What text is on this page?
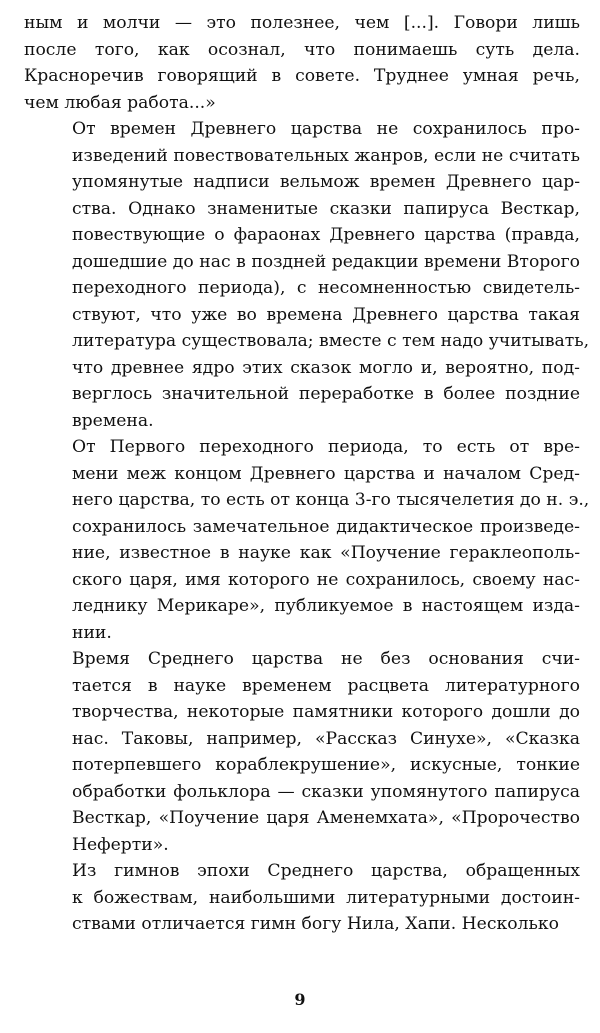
ным и молчи — это полезнее, чем [...]. Говори лишь
после того, как осознал, что понимаешь суть дела.
Красноречив говорящий в совете. Труднее умная речь,
чем любая работа...»

От времен Древнего царства не сохранилось про-
изведений повествовательных жанров, если не считать
упомянутые надписи вельмож времен Древнего цар-
ства. Однако знаменитые сказки папируса Весткар,
повествующие о фараонах Древнего царства (правда,
дошедшие до нас в поздней редакции времени Второго
переходного периода), с несомненностью свидетель-
ствуют, что уже во времена Древнего царства такая
литература существовала; вместе с тем надо учитывать,
что древнее ядро этих сказок могло и, вероятно, под-
верглось значительной переработке в более поздние
времена.

От Первого переходного периода, то есть от вре-
мени меж концом Древнего царства и началом Сред-
него царства, то есть от конца 3-го тысячелетия до н. э.,
сохранилось замечательное дидактическое произведе-
ние, известное в науке как «Поучение гераклеополь-
ского царя, имя которого не сохранилось, своему нас-
леднику Мерикаре», публикуемое в настоящем изда-
нии.

Время Среднего царства не без основания счи-
тается в науке временем расцвета литературного
творчества, некоторые памятники которого дошли до
нас. Таковы, например, «Рассказ Синухе», «Сказка
потерпевшего кораблекрушение», искусные, тонкие
обработки фольклора — сказки упомянутого папируса
Весткар, «Поучение царя Аменемхата», «Пророчество
Неферти».

Из гимнов эпохи Среднего царства, обращенных
к божествам, наибольшими литературными достоин-
ствами отличается гимн богу Нила, Хапи. Несколько

9
